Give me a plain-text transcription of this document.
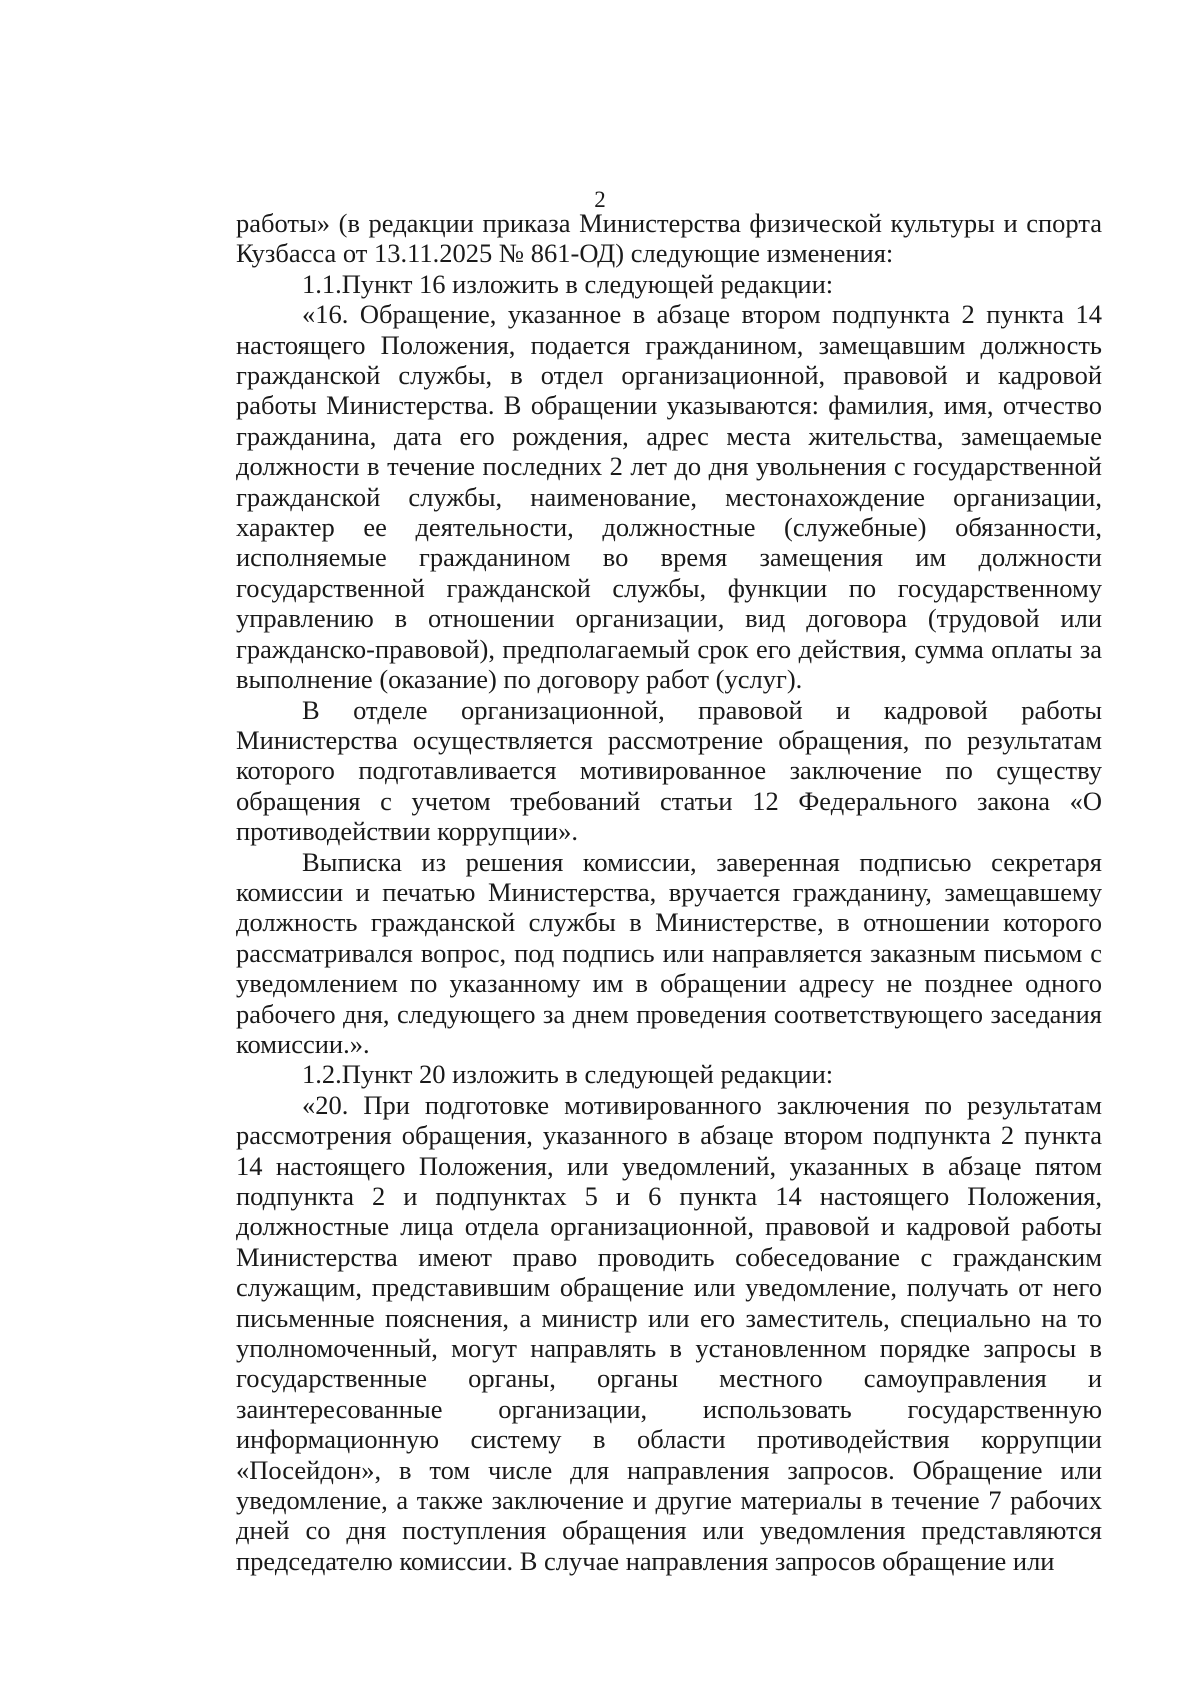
2

работы» (в редакции приказа Министерства физической культуры и спорта Кузбасса от 13.11.2025 № 861-ОД) следующие изменения:

1.1.Пункт 16 изложить в следующей редакции:

«16. Обращение, указанное в абзаце втором подпункта 2 пункта 14 настоящего Положения, подается гражданином, замещавшим должность гражданской службы, в отдел организационной, правовой и кадровой работы Министерства. В обращении указываются: фамилия, имя, отчество гражданина, дата его рождения, адрес места жительства, замещаемые должности в течение последних 2 лет до дня увольнения с государственной гражданской службы, наименование, местонахождение организации, характер ее деятельности, должностные (служебные) обязанности, исполняемые гражданином во время замещения им должности государственной гражданской службы, функции по государственному управлению в отношении организации, вид договора (трудовой или гражданско-правовой), предполагаемый срок его действия, сумма оплаты за выполнение (оказание) по договору работ (услуг).

В отделе организационной, правовой и кадровой работы Министерства осуществляется рассмотрение обращения, по результатам которого подготавливается мотивированное заключение по существу обращения с учетом требований статьи 12 Федерального закона «О противодействии коррупции».

Выписка из решения комиссии, заверенная подписью секретаря комиссии и печатью Министерства, вручается гражданину, замещавшему должность гражданской службы в Министерстве, в отношении которого рассматривался вопрос, под подпись или направляется заказным письмом с уведомлением по указанному им в обращении адресу не позднее одного рабочего дня, следующего за днем проведения соответствующего заседания комиссии.».

1.2.Пункт 20 изложить в следующей редакции:

«20. При подготовке мотивированного заключения по результатам рассмотрения обращения, указанного в абзаце втором подпункта 2 пункта 14 настоящего Положения, или уведомлений, указанных в абзаце пятом подпункта 2 и подпунктах 5 и 6 пункта 14 настоящего Положения, должностные лица отдела организационной, правовой и кадровой работы Министерства имеют право проводить собеседование с гражданским служащим, представившим обращение или уведомление, получать от него письменные пояснения, а министр или его заместитель, специально на то уполномоченный, могут направлять в установленном порядке запросы в государственные органы, органы местного самоуправления и заинтересованные организации, использовать государственную информационную систему в области противодействия коррупции «Посейдон», в том числе для направления запросов. Обращение или уведомление, а также заключение и другие материалы в течение 7 рабочих дней со дня поступления обращения или уведомления представляются председателю комиссии. В случае направления запросов обращение или
